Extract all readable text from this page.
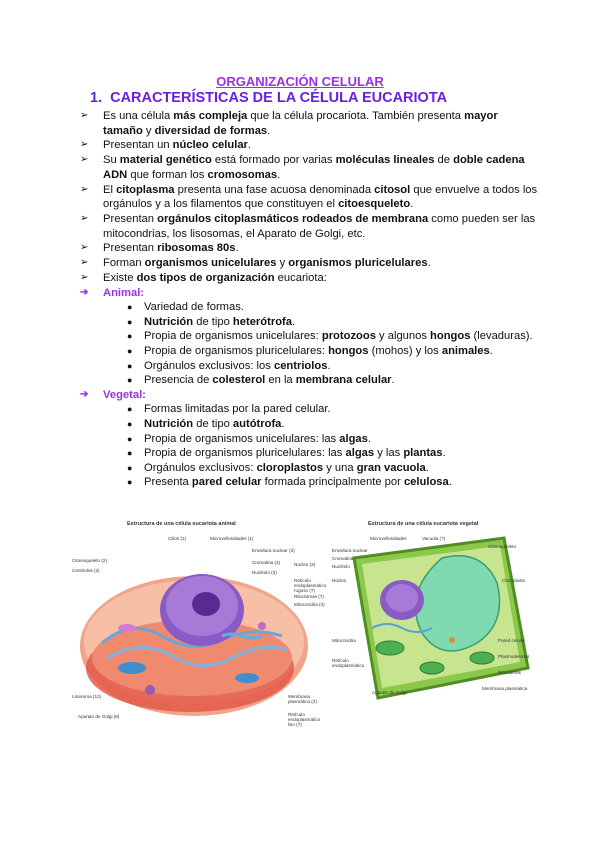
ORGANIZACIÓN CELULAR
1. CARACTERÍSTICAS DE LA CÉLULA EUCARIOTA
➢	Es una célula más compleja que la célula procariota. También presenta mayor tamaño y diversidad de formas.
➢	Presentan un núcleo celular.
➢	Su material genético está formado por varias moléculas lineales de doble cadena ADN que forman los cromosomas.
➢	El citoplasma presenta una fase acuosa denominada citosol que envuelve a todos los orgánulos y a los filamentos que constituyen el citoesqueleto.
➢	Presentan orgánulos citoplasmáticos rodeados de membrana como pueden ser las mitocondrias, los lisosomas, el Aparato de Golgi, etc.
➢	Presentan ribosomas 80s.
➢	Forman organismos unicelulares y organismos pluricelulares.
➢	Existe dos tipos de organización eucariota:
➔	Animal:
●	Variedad de formas.
●	Nutrición de tipo heterótrofa.
●	Propia de organismos unicelulares: protozoos y algunos hongos (levaduras).
●	Propia de organismos pluricelulares: hongos (mohos) y los animales.
●	Orgánulos exclusivos: los centriolos.
●	Presencia de colesterol en la membrana celular.
➔	Vegetal:
●	Formas limitadas por la pared celular.
●	Nutrición de tipo autótrofa.
●	Propia de organismos unicelulares: las algas.
●	Propia de organismos pluricelulares: las algas y las plantas.
●	Orgánulos exclusivos: cloroplastos y una gran vacuola.
●	Presenta pared celular formada principalmente por celulosa.
Estructura de una célula eucariota animal
Cilios (1)	Microvellosidades (1)
Citoesqueleto (2)
Centriolos (2)
Envoltura nuclear (3)
Cromatina (3)
Nucléolo (3)
Núcleo (3)
Retículo endoplasmático rugoso (7)
Ribosomas (7)
Mitocondria (3)
Lisosoma (10)
Aparato de Golgi (8)
Membrana plasmática (2)
Retículo endoplasmático liso (7)
Estructura de una célula eucariota vegetal
Microvellosidades	Vacuola (?)
Citoesqueleto
Envoltura nuclear
Cromatina
Nucléolo
Núcleo	Cloroplasto
Mitocondria
Retículo endoplasmático
Pared celular
Plasmodesmos
Ribosomas
Aparato de Golgi
Membrana plasmática
